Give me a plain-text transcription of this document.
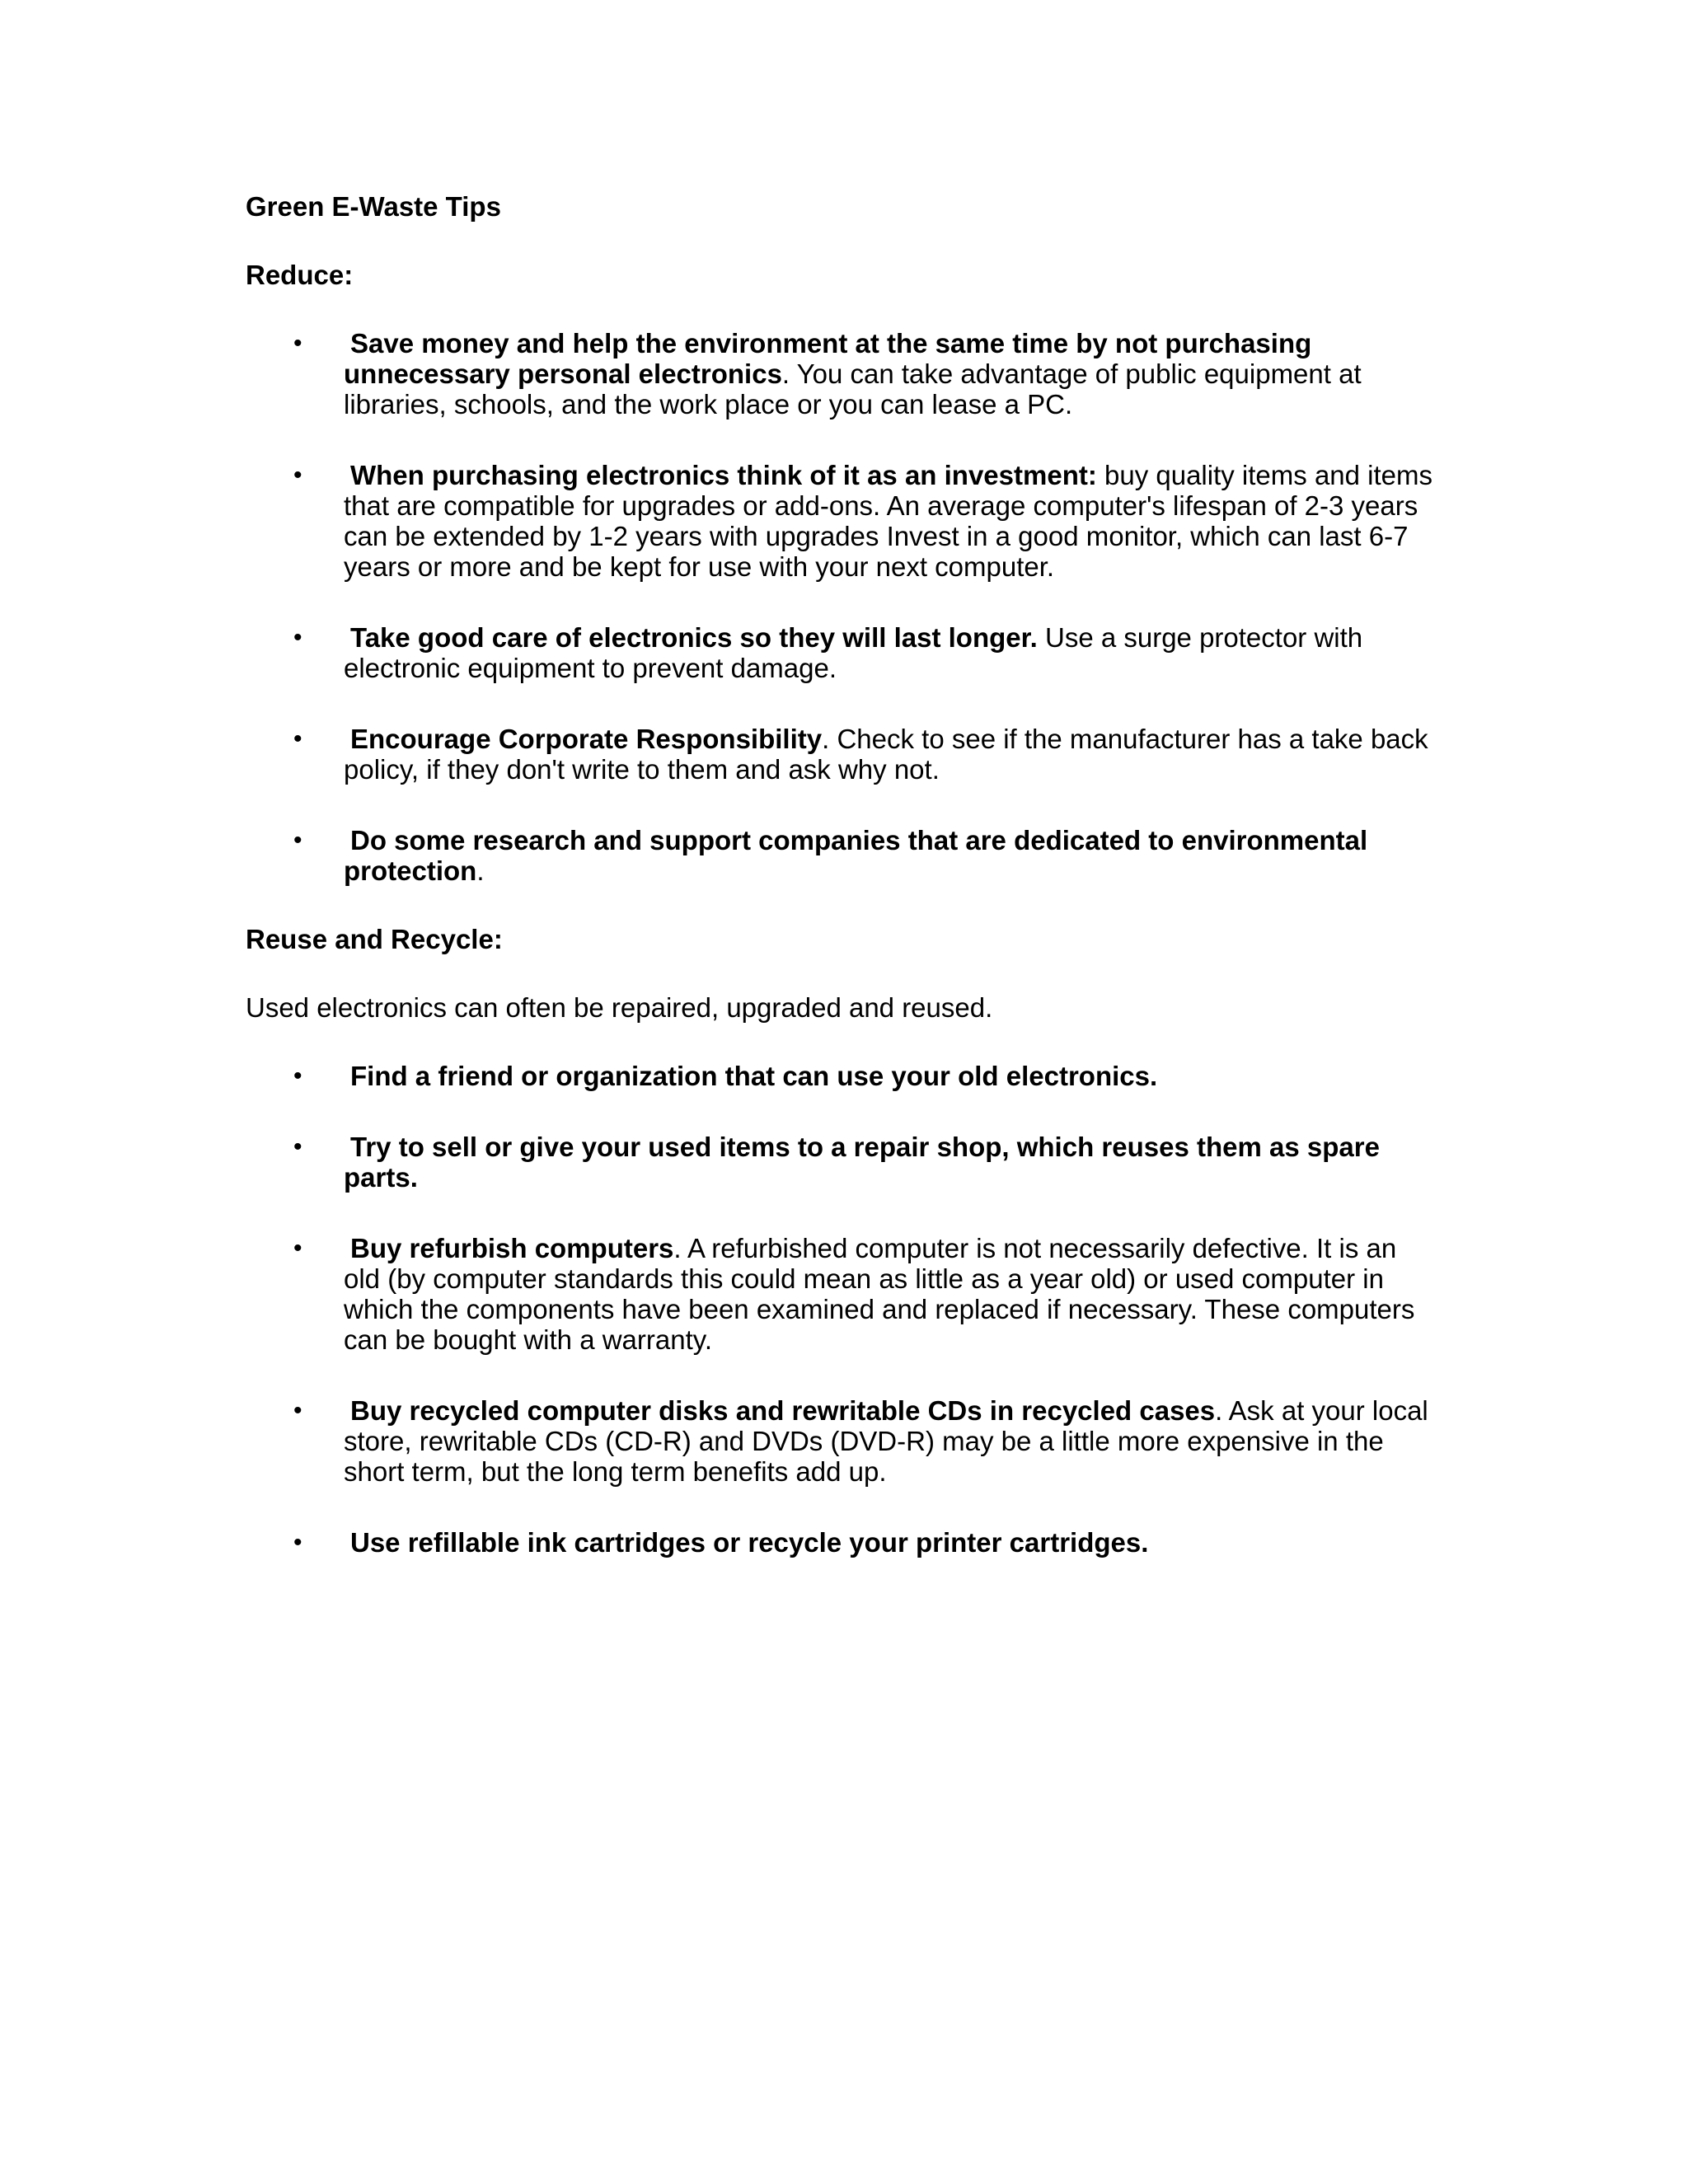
Green E-Waste Tips

Reduce:

• Save money and help the environment at the same time by not purchasing unnecessary personal electronics. You can take advantage of public equipment at libraries, schools, and the work place or you can lease a PC.
• When purchasing electronics think of it as an investment: buy quality items and items that are compatible for upgrades or add-ons. An average computer's lifespan of 2-3 years can be extended by 1-2 years with upgrades Invest in a good monitor, which can last 6-7 years or more and be kept for use with your next computer.
• Take good care of electronics so they will last longer. Use a surge protector with electronic equipment to prevent damage.
• Encourage Corporate Responsibility. Check to see if the manufacturer has a take back policy, if they don't write to them and ask why not.
• Do some research and support companies that are dedicated to environmental protection.

Reuse and Recycle:

Used electronics can often be repaired, upgraded and reused.

• Find a friend or organization that can use your old electronics.
• Try to sell or give your used items to a repair shop, which reuses them as spare parts.
• Buy refurbish computers. A refurbished computer is not necessarily defective. It is an old (by computer standards this could mean as little as a year old) or used computer in which the components have been examined and replaced if necessary. These computers can be bought with a warranty.
• Buy recycled computer disks and rewritable CDs in recycled cases. Ask at your local store, rewritable CDs (CD-R) and DVDs (DVD-R) may be a little more expensive in the short term, but the long term benefits add up.
• Use refillable ink cartridges or recycle your printer cartridges.
